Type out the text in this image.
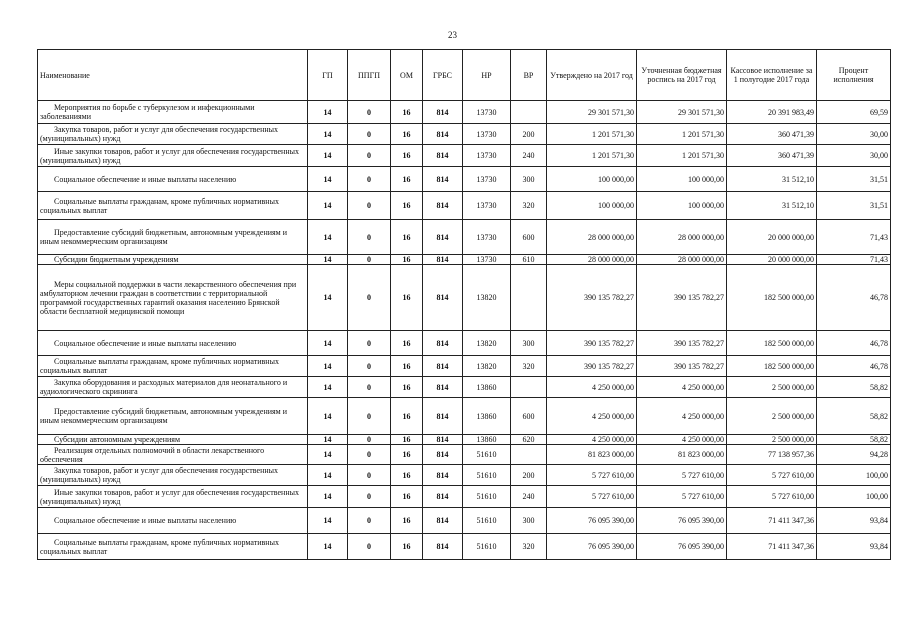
23
Наименование	ГП	ППГП	ОМ	ГРБС	НР	ВР	Утверждено на 2017 год	Уточненная бюджетная роспись на 2017 год	Кассовое исполнение за 1 полугодие 2017 года	Процент исполнения

Мероприятия по борьбе с туберкулезом и инфекционными заболеваниями	14	0	16	814	13730		29 301 571,30	29 301 571,30	20 391 983,49	69,59

Закупка товаров, работ и услуг для обеспечения государственных (муниципальных) нужд	14	0	16	814	13730	200	1 201 571,30	1 201 571,30	360 471,39	30,00

Иные закупки товаров, работ и услуг для обеспечения государственных (муниципальных) нужд	14	0	16	814	13730	240	1 201 571,30	1 201 571,30	360 471,39	30,00

Социальное обеспечение и иные выплаты населению	14	0	16	814	13730	300	100 000,00	100 000,00	31 512,10	31,51

Социальные выплаты гражданам, кроме публичных нормативных социальных выплат	14	0	16	814	13730	320	100 000,00	100 000,00	31 512,10	31,51

Предоставление субсидий бюджетным, автономным учреждениям и иным некоммерческим организациям	14	0	16	814	13730	600	28 000 000,00	28 000 000,00	20 000 000,00	71,43

Субсидии бюджетным учреждениям	14	0	16	814	13730	610	28 000 000,00	28 000 000,00	20 000 000,00	71,43

Меры социальной поддержки в части лекарственного обеспечения при амбулаторном лечении граждан в соответствии с территориальной программой государственных гарантий оказания населению Брянской области бесплатной медицинской помощи	14	0	16	814	13820		390 135 782,27	390 135 782,27	182 500 000,00	46,78

Социальное обеспечение и иные выплаты населению	14	0	16	814	13820	300	390 135 782,27	390 135 782,27	182 500 000,00	46,78

Социальные выплаты гражданам, кроме публичных нормативных социальных выплат	14	0	16	814	13820	320	390 135 782,27	390 135 782,27	182 500 000,00	46,78

Закупка оборудования и расходных материалов для неонатального и аудиологического скрининга	14	0	16	814	13860		4 250 000,00	4 250 000,00	2 500 000,00	58,82

Предоставление субсидий бюджетным, автономным учреждениям и иным некоммерческим организациям	14	0	16	814	13860	600	4 250 000,00	4 250 000,00	2 500 000,00	58,82

Субсидии автономным учреждениям	14	0	16	814	13860	620	4 250 000,00	4 250 000,00	2 500 000,00	58,82

Реализация отдельных полномочий в области лекарственного обеспечения	14	0	16	814	51610		81 823 000,00	81 823 000,00	77 138 957,36	94,28

Закупка товаров, работ и услуг для обеспечения государственных (муниципальных) нужд	14	0	16	814	51610	200	5 727 610,00	5 727 610,00	5 727 610,00	100,00

Иные закупки товаров, работ и услуг для обеспечения государственных (муниципальных) нужд	14	0	16	814	51610	240	5 727 610,00	5 727 610,00	5 727 610,00	100,00

Социальное обеспечение и иные выплаты населению	14	0	16	814	51610	300	76 095 390,00	76 095 390,00	71 411 347,36	93,84

Социальные выплаты гражданам, кроме публичных нормативных социальных выплат	14	0	16	814	51610	320	76 095 390,00	76 095 390,00	71 411 347,36	93,84
